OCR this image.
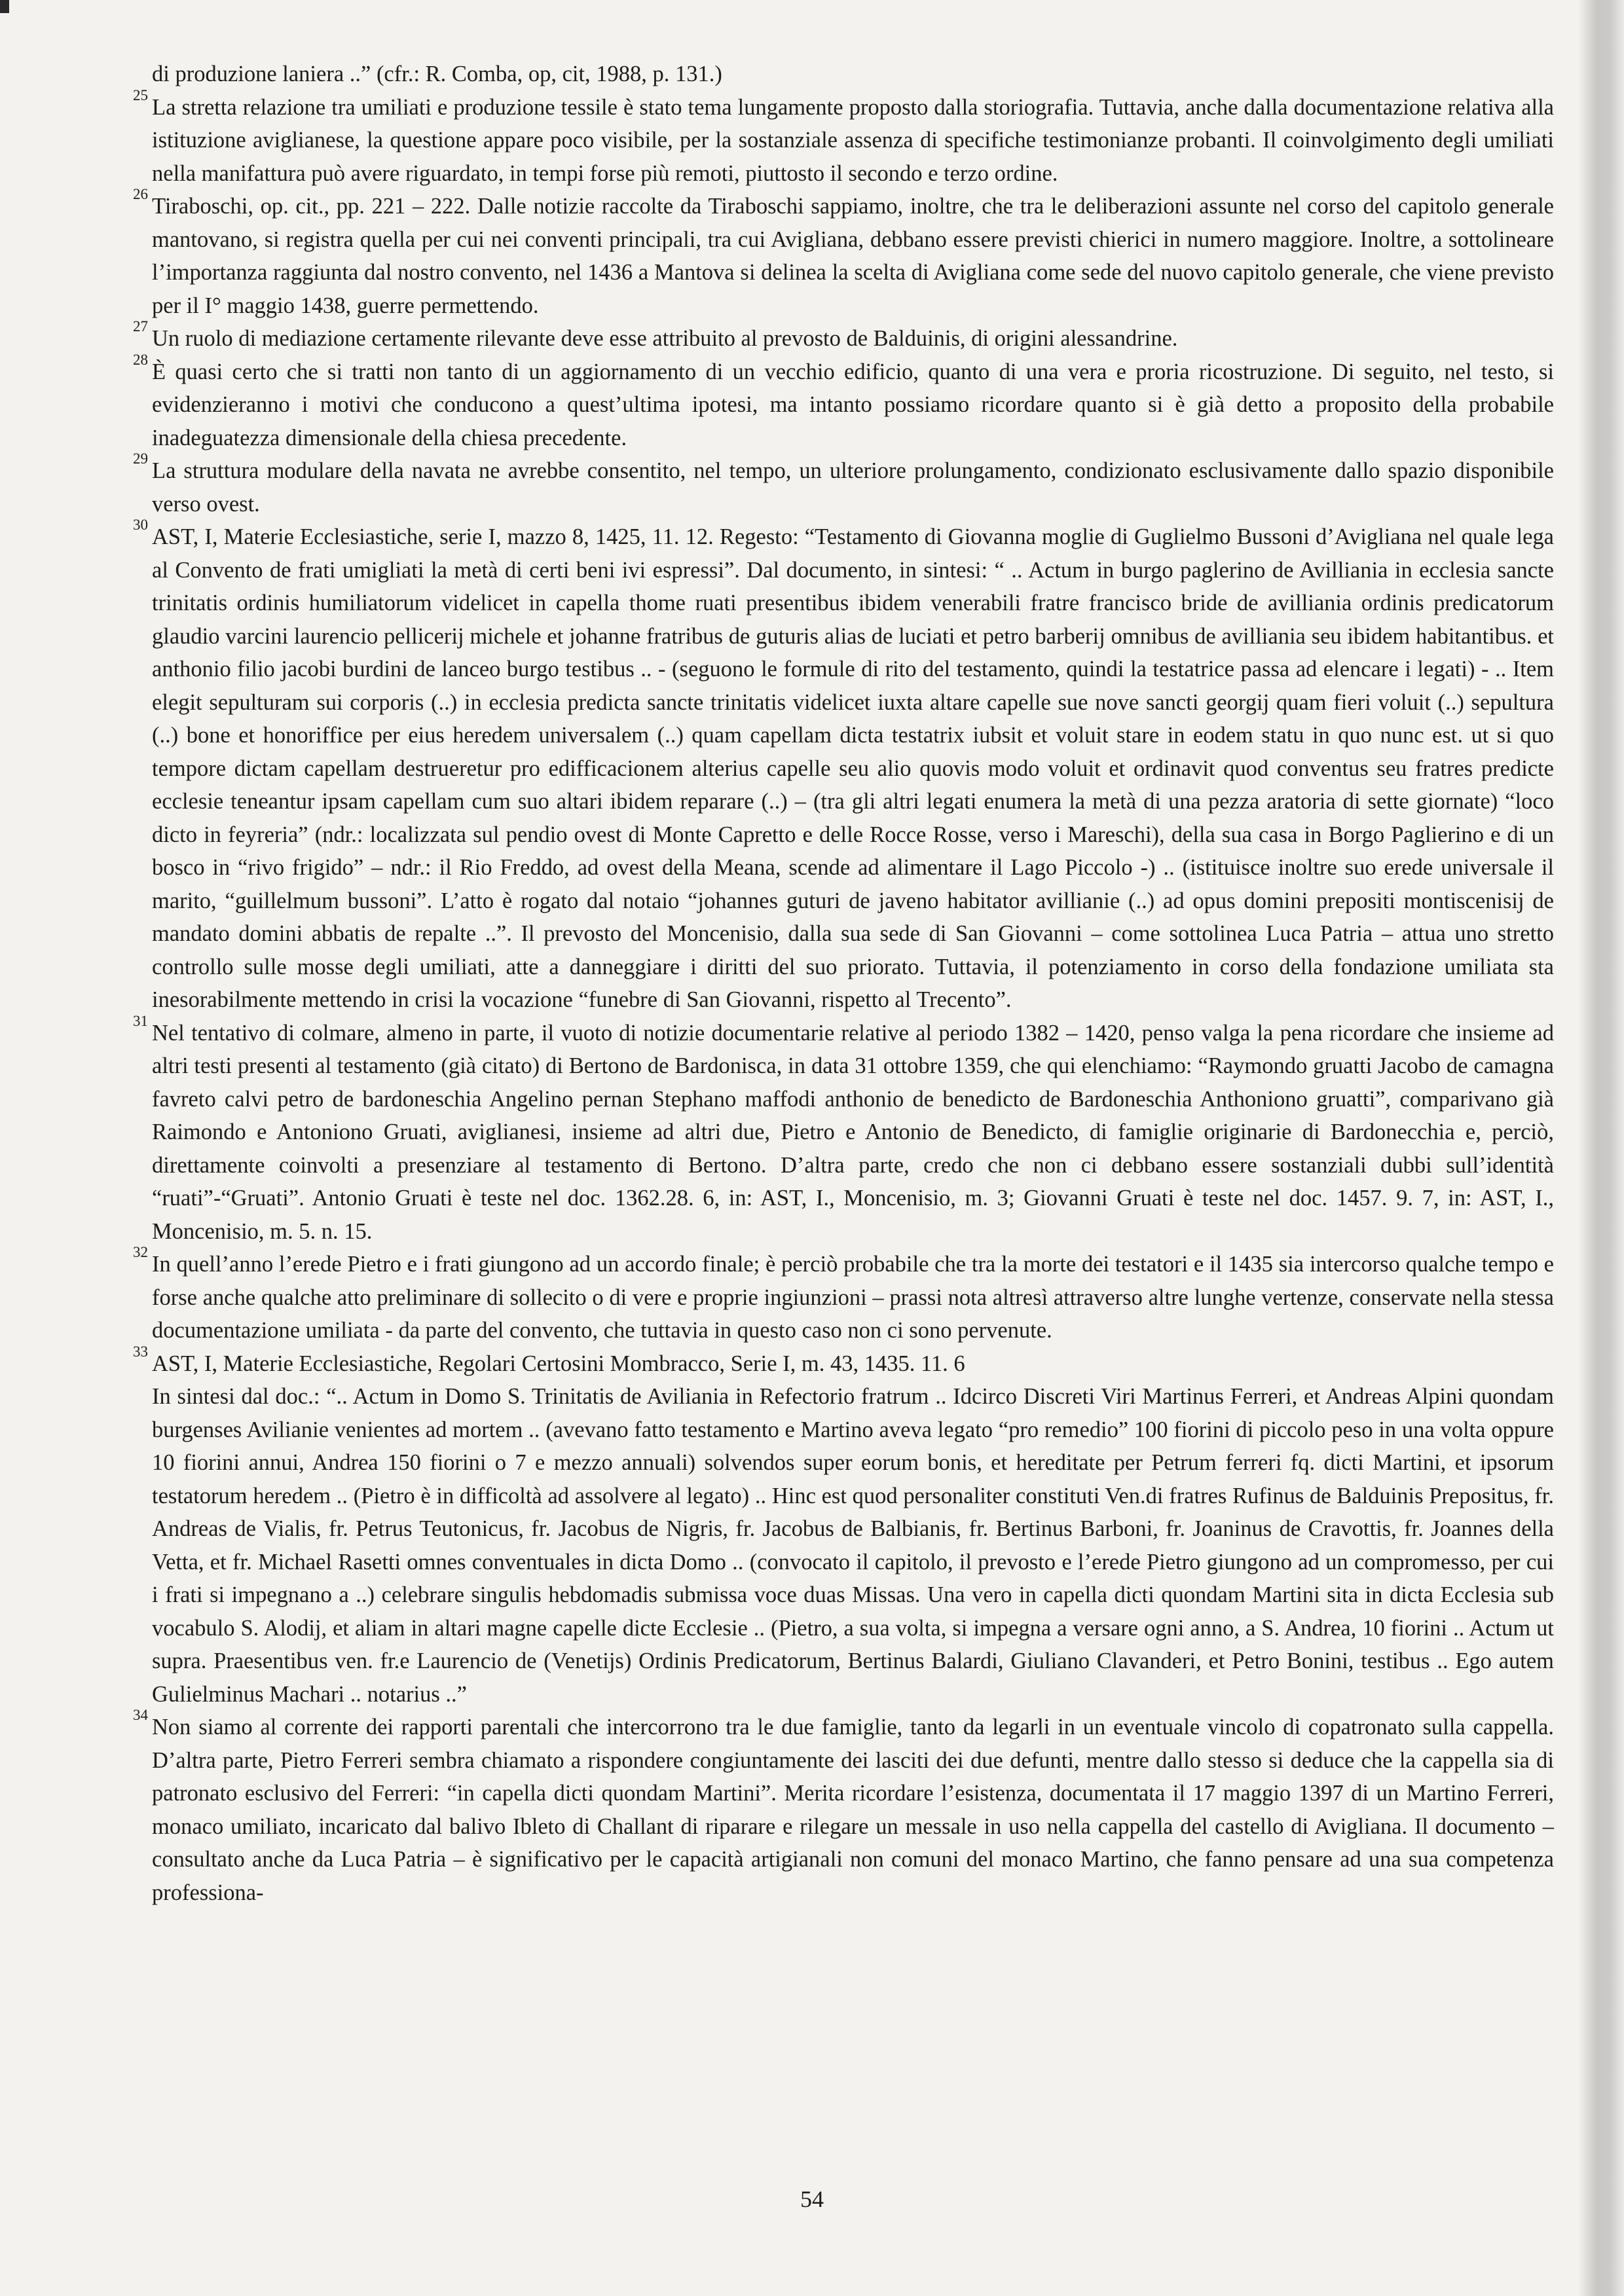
di produzione laniera ..” (cfr.: R. Comba, op, cit, 1988, p. 131.)
25 La stretta relazione tra umiliati e produzione tessile è stato tema lungamente proposto dalla storiografia. Tuttavia, anche dalla documentazione relativa alla istituzione aviglianese, la questione appare poco visibile, per la sostanziale assenza di specifiche testimonianze probanti. Il coinvolgimento degli umiliati nella manifattura può avere riguardato, in tempi forse più remoti, piuttosto il secondo e terzo ordine.
26 Tiraboschi, op. cit., pp. 221 – 222. Dalle notizie raccolte da Tiraboschi sappiamo, inoltre, che tra le deliberazioni assunte nel corso del capitolo generale mantovano, si registra quella per cui nei conventi principali, tra cui Avigliana, debbano essere previsti chierici in numero maggiore. Inoltre, a sottolineare l’importanza raggiunta dal nostro convento, nel 1436 a Mantova si delinea la scelta di Avigliana come sede del nuovo capitolo generale, che viene previsto per il I° maggio 1438, guerre permettendo.
27 Un ruolo di mediazione certamente rilevante deve esse attribuito al prevosto de Balduinis, di origini alessandrine.
28 È quasi certo che si tratti non tanto di un aggiornamento di un vecchio edificio, quanto di una vera e proria ricostruzione. Di seguito, nel testo, si evidenzieranno i motivi che conducono a quest’ultima ipotesi, ma intanto possiamo ricordare quanto si è già detto a proposito della probabile inadeguatezza dimensionale della chiesa precedente.
29 La struttura modulare della navata ne avrebbe consentito, nel tempo, un ulteriore prolungamento, condizionato esclusivamente dallo spazio disponibile verso ovest.
30 AST, I, Materie Ecclesiastiche, serie I, mazzo 8, 1425, 11. 12. Regesto: “Testamento di Giovanna moglie di Guglielmo Bussoni d’Avigliana nel quale lega al Convento de frati umigliati la metà di certi beni ivi espressi”. Dal documento, in sintesi: “ .. Actum in burgo paglerino de Avilliania in ecclesia sancte trinitatis ordinis humiliatorum videlicet in capella thome ruati presentibus ibidem venerabili fratre francisco bride de avilliania ordinis predicatorum glaudio varcini laurencio pellicerij michele et johanne fratribus de guturis alias de luciati et petro barberij omnibus de avilliania seu ibidem habitantibus. et anthonio filio jacobi burdini de lanceo burgo testibus .. - (seguono le formule di rito del testamento, quindi la testatrice passa ad elencare i legati) - .. Item elegit sepulturam sui corporis (..) in ecclesia predicta sancte trinitatis videlicet iuxta altare capelle sue nove sancti georgij quam fieri voluit (..) sepultura (..) bone et honoriffice per eius heredem universalem (..) quam capellam dicta testatrix iubsit et voluit stare in eodem statu in quo nunc est. ut si quo tempore dictam capellam destrueretur pro edifficacionem alterius capelle seu alio quovis modo voluit et ordinavit quod conventus seu fratres predicte ecclesie teneantur ipsam capellam cum suo altari ibidem reparare (..) – (tra gli altri legati enumera la metà di una pezza aratoria di sette giornate) “loco dicto in feyreria” (ndr.: localizzata sul pendio ovest di Monte Capretto e delle Rocce Rosse, verso i Mareschi), della sua casa in Borgo Paglierino e di un bosco in “rivo frigido” – ndr.: il Rio Freddo, ad ovest della Meana, scende ad alimentare il Lago Piccolo -) .. (istituisce inoltre suo erede universale il marito, “guillelmum bussoni”. L’atto è rogato dal notaio “johannes guturi de javeno habitator avillianie (..) ad opus domini prepositi montiscenisij de mandato domini abbatis de repalte ..”. Il prevosto del Moncenisio, dalla sua sede di San Giovanni – come sottolinea Luca Patria – attua uno stretto controllo sulle mosse degli umiliati, atte a danneggiare i diritti del suo priorato. Tuttavia, il potenziamento in corso della fondazione umiliata sta inesorabilmente mettendo in crisi la vocazione “funebre di San Giovanni, rispetto al Trecento”.
31 Nel tentativo di colmare, almeno in parte, il vuoto di notizie documentarie relative al periodo 1382 – 1420, penso valga la pena ricordare che insieme ad altri testi presenti al testamento (già citato) di Bertono de Bardonisca, in data 31 ottobre 1359, che qui elenchiamo: “Raymondo gruatti Jacobo de camagna favreto calvi petro de bardoneschia Angelino pernan Stephano maffodi anthonio de benedicto de Bardoneschia Anthoniono gruatti”, comparivano già Raimondo e Antoniono Gruati, aviglianesi, insieme ad altri due, Pietro e Antonio de Benedicto, di famiglie originarie di Bardonecchia e, perciò, direttamente coinvolti a presenziare al testamento di Bertono. D’altra parte, credo che non ci debbano essere sostanziali dubbi sull’identità “ruati”-“Gruati”. Antonio Gruati è teste nel doc. 1362.28. 6, in: AST, I., Moncenisio, m. 3; Giovanni Gruati è teste nel doc. 1457. 9. 7, in: AST, I., Moncenisio, m. 5. n. 15.
32 In quell’anno l’erede Pietro e i frati giungono ad un accordo finale; è perciò probabile che tra la morte dei testatori e il 1435 sia intercorso qualche tempo e forse anche qualche atto preliminare di sollecito o di vere e proprie ingiunzioni – prassi nota altresì attraverso altre lunghe vertenze, conservate nella stessa documentazione umiliata - da parte del convento, che tuttavia in questo caso non ci sono pervenute.
33 AST, I, Materie Ecclesiastiche, Regolari Certosini Mombracco, Serie I, m. 43, 1435. 11. 6
In sintesi dal doc.: “.. Actum in Domo S. Trinitatis de Aviliania in Refectorio fratrum .. Idcirco Discreti Viri Martinus Ferreri, et Andreas Alpini quondam burgenses Avilianie venientes ad mortem .. (avevano fatto testamento e Martino aveva legato “pro remedio” 100 fiorini di piccolo peso in una volta oppure 10 fiorini annui, Andrea 150 fiorini o 7 e mezzo annuali) solvendos super eorum bonis, et hereditate per Petrum ferreri fq. dicti Martini, et ipsorum testatorum heredem .. (Pietro è in difficoltà ad assolvere al legato) .. Hinc est quod personaliter constituti Ven.di fratres Rufinus de Balduinis Prepositus, fr. Andreas de Vialis, fr. Petrus Teutonicus, fr. Jacobus de Nigris, fr. Jacobus de Balbianis, fr. Bertinus Barboni, fr. Joaninus de Cravottis, fr. Joannes della Vetta, et fr. Michael Rasetti omnes conventuales in dicta Domo .. (convocato il capitolo, il prevosto e l’erede Pietro giungono ad un compromesso, per cui i frati si impegnano a ..) celebrare singulis hebdomadis submissa voce duas Missas. Una vero in capella dicti quondam Martini sita in dicta Ecclesia sub vocabulo S. Alodij, et aliam in altari magne capelle dicte Ecclesie .. (Pietro, a sua volta, si impegna a versare ogni anno, a S. Andrea, 10 fiorini .. Actum ut supra. Praesentibus ven. fr.e Laurencio de (Venetijs) Ordinis Predicatorum, Bertinus Balardi, Giuliano Clavanderi, et Petro Bonini, testibus .. Ego autem Gulielminus Machari .. notarius ..”
34 Non siamo al corrente dei rapporti parentali che intercorrono tra le due famiglie, tanto da legarli in un eventuale vincolo di copatronato sulla cappella. D’altra parte, Pietro Ferreri sembra chiamato a rispondere congiuntamente dei lasciti dei due defunti, mentre dallo stesso si deduce che la cappella sia di patronato esclusivo del Ferreri: “in capella dicti quondam Martini”. Merita ricordare l’esistenza, documentata il 17 maggio 1397 di un Martino Ferreri, monaco umiliato, incaricato dal balivo Ibleto di Challant di riparare e rilegare un messale in uso nella cappella del castello di Avigliana. Il documento – consultato anche da Luca Patria – è significativo per le capacità artigianali non comuni del monaco Martino, che fanno pensare ad una sua competenza professiona-
54
